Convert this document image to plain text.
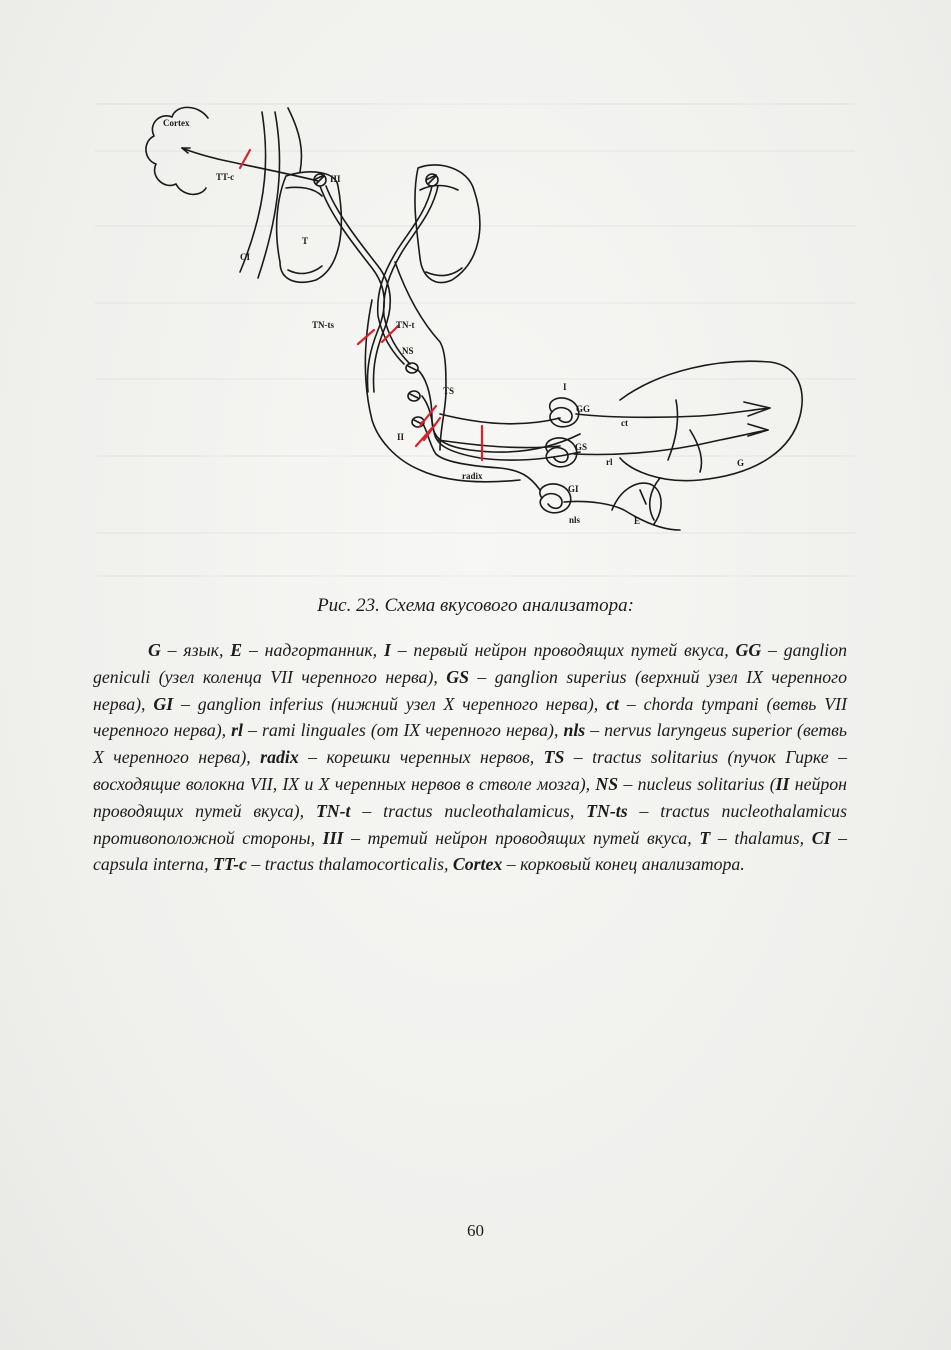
Cortex
TT-c	III
T
CI
TN-ts	TN-t
NS
TS
II
I
GG
GS
GI
ct
rl	G
nls	E
radix
Рис. 23. Схема вкусового анализатора:

G – язык, E – надгортанник, I – первый нейрон проводящих путей вкуса, GG – ganglion geniculi (узел коленца VII черепного нерва), GS – ganglion superius (верхний узел IX черепного нерва), GI – ganglion inferius (нижний узел X черепного нерва), ct – chorda tympani (ветвь VII черепного нерва), rl – rami linguales (от IX черепного нерва), nls – nervus laryngeus superior (ветвь X черепного нерва), radix – корешки черепных нервов, TS – tractus solitarius (пучок Гирке – восходящие волокна VII, IX и X черепных нервов в стволе мозга), NS – nucleus solitarius (II нейрон проводящих путей вкуса), TN-t – tractus nucleothalamicus, TN-ts – tractus nucleothalamicus противоположной стороны, III – третий нейрон проводящих путей вкуса, T – thalamus, CI – capsula interna, TT-c – tractus thalamocorticalis, Cortex – корковый конец анализатора.

60
